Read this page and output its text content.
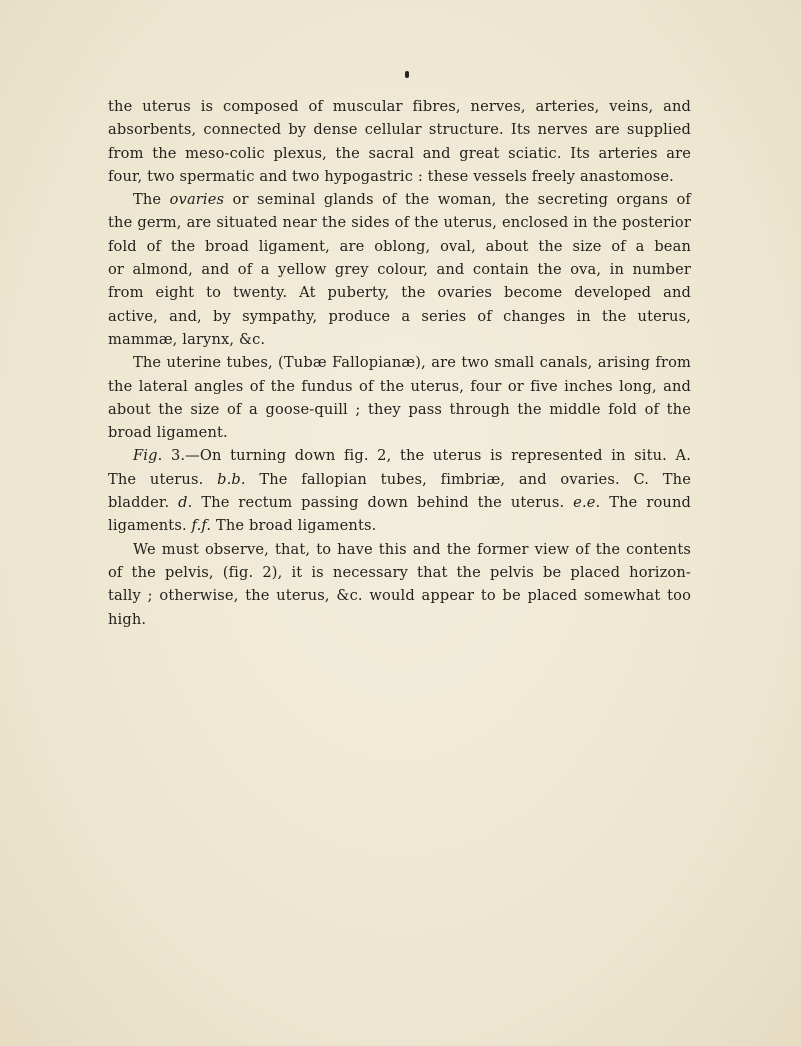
the uterus is composed of muscular fibres, nerves, arteries, veins, and
absorbents, connected by dense cellular structure. Its nerves are supplied
from the meso-colic plexus, the sacral and great sciatic. Its arteries are
four, two spermatic and two hypogastric : these vessels freely anastomose.
The ovaries or seminal glands of the woman, the secreting organs of
the germ, are situated near the sides of the uterus, enclosed in the posterior
fold of the broad ligament, are oblong, oval, about the size of a bean
or almond, and of a yellow grey colour, and contain the ova, in number
from eight to twenty. At puberty, the ovaries become developed and
active, and, by sympathy, produce a series of changes in the uterus,
mammæ, larynx, &c.
The uterine tubes, (Tubæ Fallopianæ), are two small canals, arising from
the lateral angles of the fundus of the uterus, four or five inches long, and
about the size of a goose-quill ; they pass through the middle fold of the
broad ligament.
Fig. 3.—On turning down fig. 2, the uterus is represented in situ. A.
The uterus. b.b. The fallopian tubes, fimbriæ, and ovaries. C. The
bladder. d. The rectum passing down behind the uterus. e.e. The round
ligaments. f.f. The broad ligaments.
We must observe, that, to have this and the former view of the contents
of the pelvis, (fig. 2), it is necessary that the pelvis be placed horizon-
tally ; otherwise, the uterus, &c. would appear to be placed somewhat too
high.
